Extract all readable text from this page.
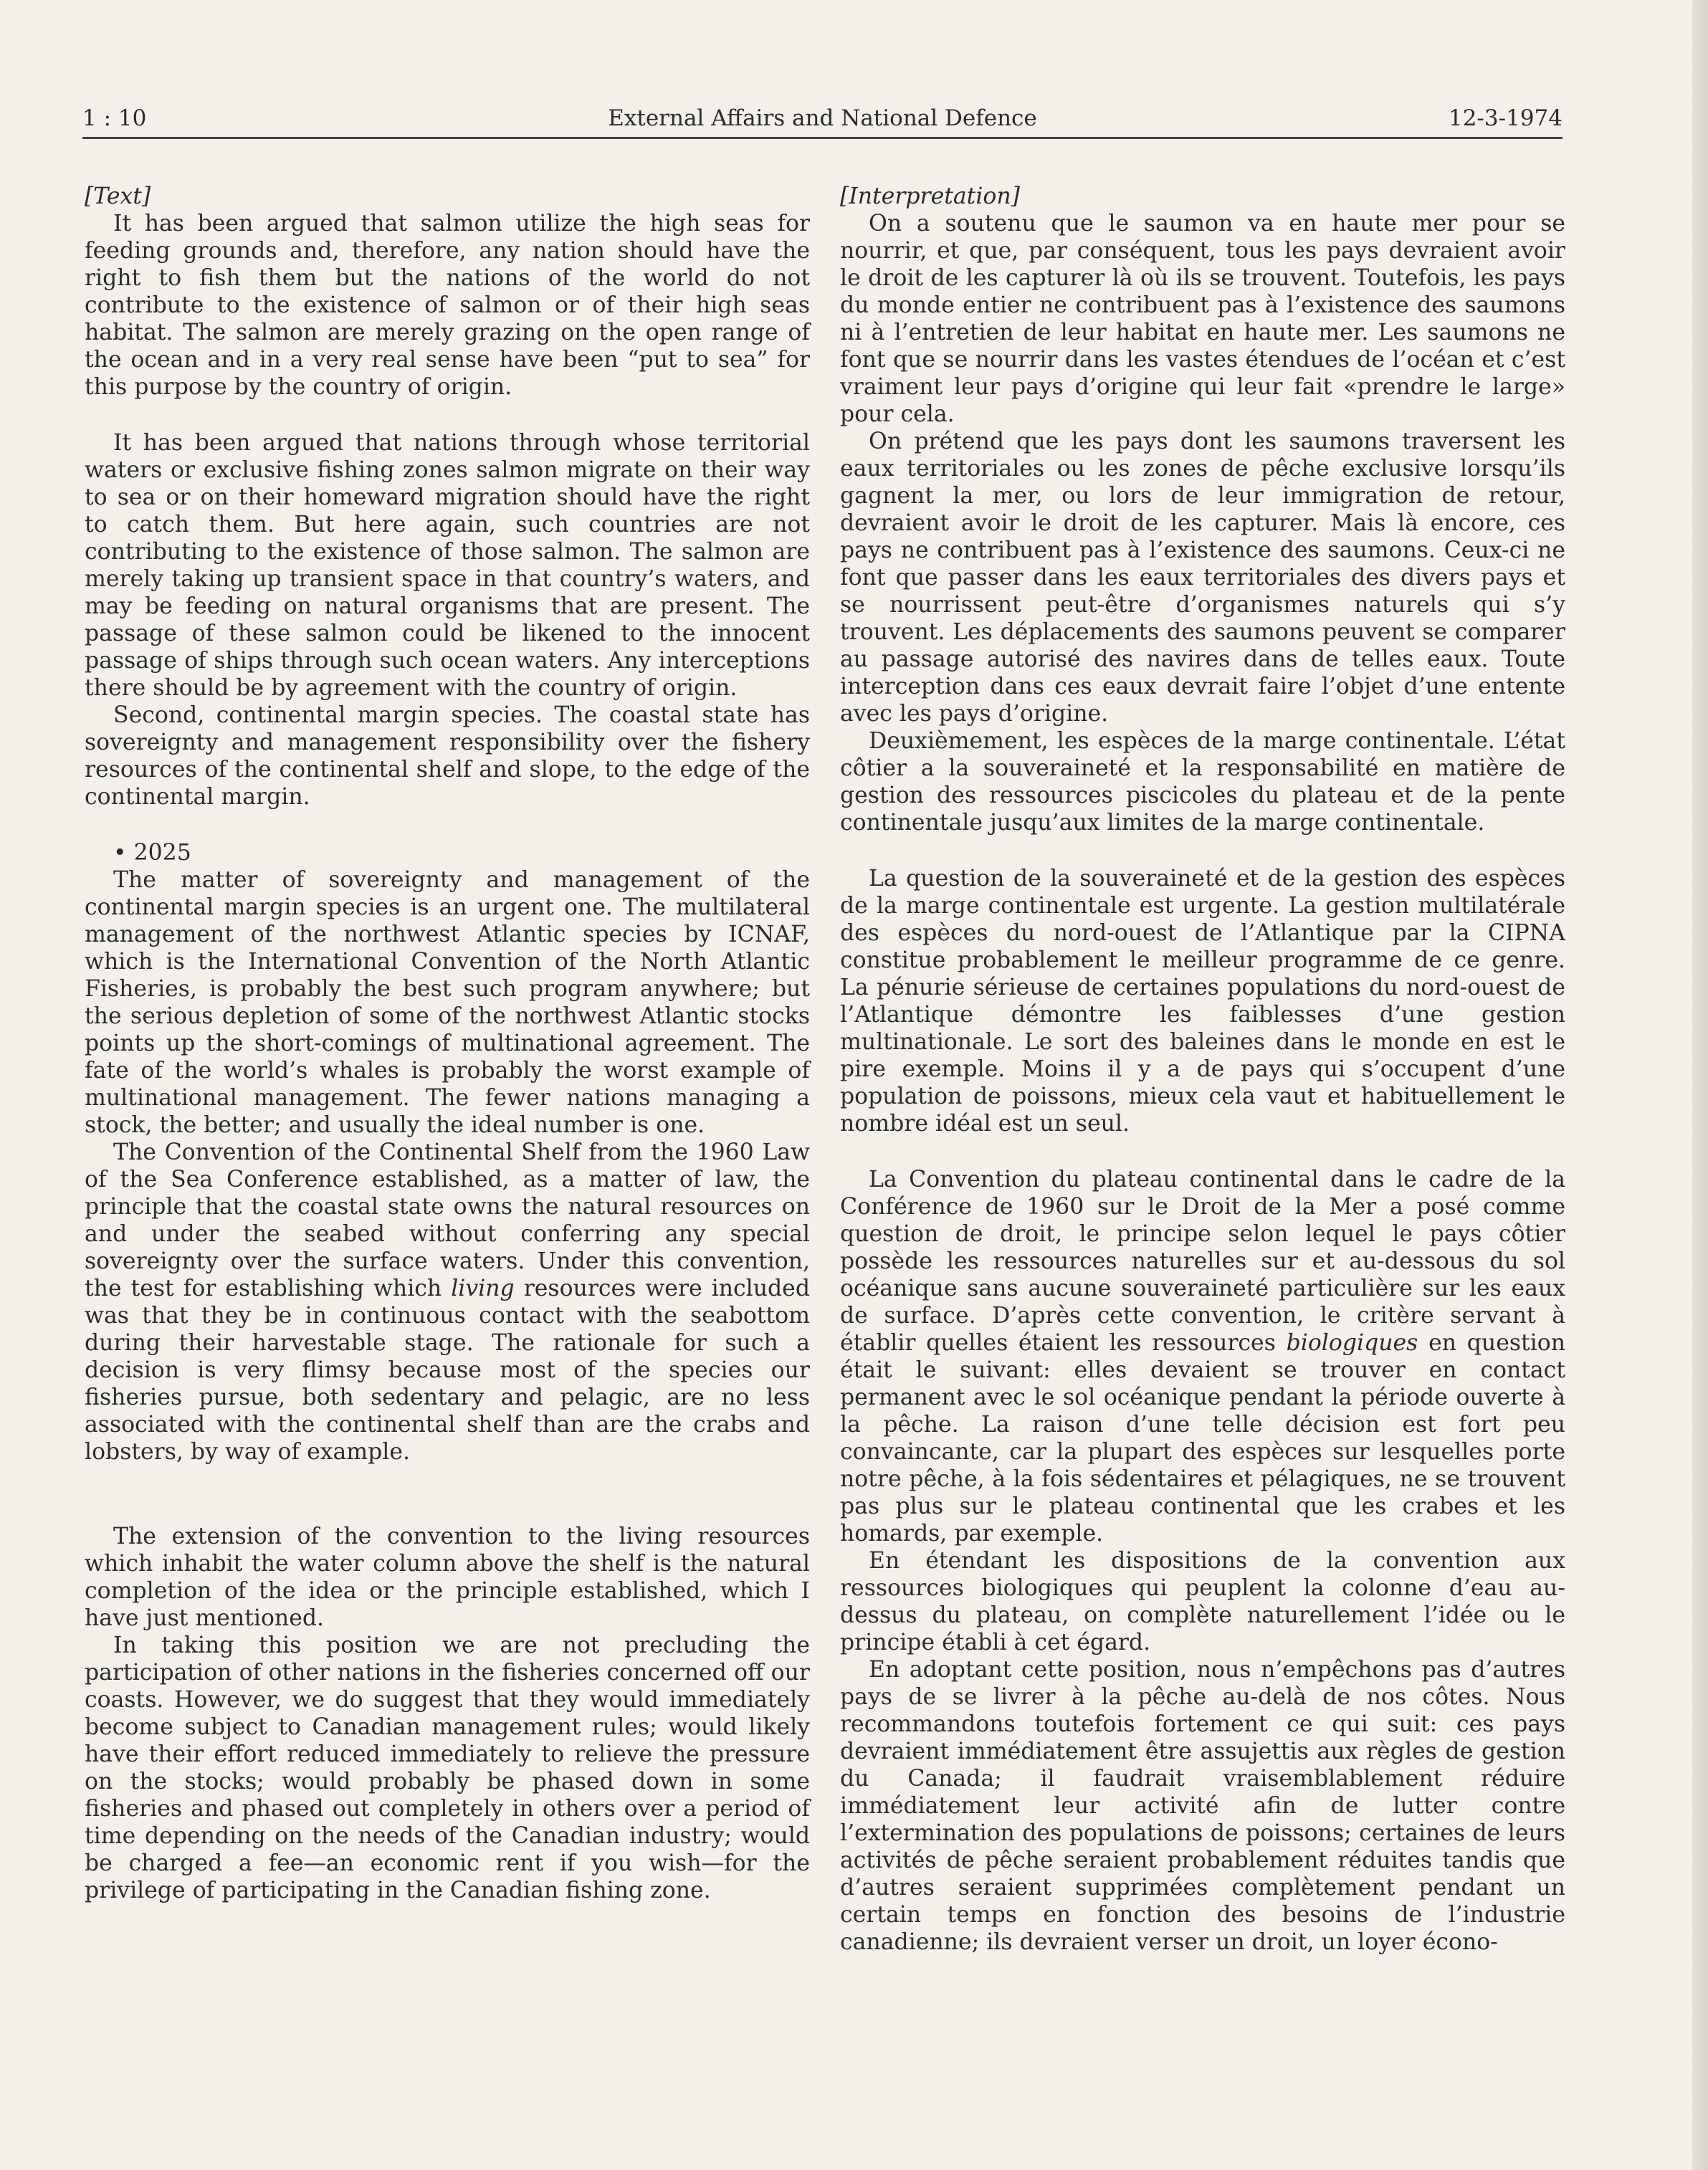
1 : 10	External Affairs and National Defence	12-3-1974

[Text]

It has been argued that salmon utilize the high seas for feeding grounds and, therefore, any nation should have the right to fish them but the nations of the world do not contribute to the existence of salmon or of their high seas habitat. The salmon are merely grazing on the open range of the ocean and in a very real sense have been “put to sea” for this purpose by the country of origin.

It has been argued that nations through whose territorial waters or exclusive fishing zones salmon migrate on their way to sea or on their homeward migration should have the right to catch them. But here again, such countries are not contributing to the existence of those salmon. The salmon are merely taking up transient space in that country’s waters, and may be feeding on natural organisms that are present. The passage of these salmon could be likened to the innocent passage of ships through such ocean waters. Any interceptions there should be by agreement with the country of origin.

Second, continental margin species. The coastal state has sovereignty and management responsibility over the fishery resources of the continental shelf and slope, to the edge of the continental margin.

• 2025

The matter of sovereignty and management of the continental margin species is an urgent one. The multilateral management of the northwest Atlantic species by ICNAF, which is the International Convention of the North Atlantic Fisheries, is probably the best such program anywhere; but the serious depletion of some of the northwest Atlantic stocks points up the short-comings of multinational agreement. The fate of the world’s whales is probably the worst example of multinational management. The fewer nations managing a stock, the better; and usually the ideal number is one.

The Convention of the Continental Shelf from the 1960 Law of the Sea Conference established, as a matter of law, the principle that the coastal state owns the natural resources on and under the seabed without conferring any special sovereignty over the surface waters. Under this convention, the test for establishing which living resources were included was that they be in continuous contact with the seabottom during their harvestable stage. The rationale for such a decision is very flimsy because most of the species our fisheries pursue, both sedentary and pelagic, are no less associated with the continental shelf than are the crabs and lobsters, by way of example.

The extension of the convention to the living resources which inhabit the water column above the shelf is the natural completion of the idea or the principle established, which I have just mentioned.

In taking this position we are not precluding the participation of other nations in the fisheries concerned off our coasts. However, we do suggest that they would immediately become subject to Canadian management rules; would likely have their effort reduced immediately to relieve the pressure on the stocks; would probably be phased down in some fisheries and phased out completely in others over a period of time depending on the needs of the Canadian industry; would be charged a fee—an economic rent if you wish—for the privilege of participating in the Canadian fishing zone.

[Interpretation]

On a soutenu que le saumon va en haute mer pour se nourrir, et que, par conséquent, tous les pays devraient avoir le droit de les capturer là où ils se trouvent. Toutefois, les pays du monde entier ne contribuent pas à l’existence des saumons ni à l’entretien de leur habitat en haute mer. Les saumons ne font que se nourrir dans les vastes étendues de l’océan et c’est vraiment leur pays d’origine qui leur fait «prendre le large» pour cela.

On prétend que les pays dont les saumons traversent les eaux territoriales ou les zones de pêche exclusive lorsqu’ils gagnent la mer, ou lors de leur immigration de retour, devraient avoir le droit de les capturer. Mais là encore, ces pays ne contribuent pas à l’existence des saumons. Ceux-ci ne font que passer dans les eaux territoriales des divers pays et se nourrissent peut-être d’organismes naturels qui s’y trouvent. Les déplacements des saumons peuvent se comparer au passage autorisé des navires dans de telles eaux. Toute interception dans ces eaux devrait faire l’objet d’une entente avec les pays d’origine.

Deuxièmement, les espèces de la marge continentale. L’état côtier a la souveraineté et la responsabilité en matière de gestion des ressources piscicoles du plateau et de la pente continentale jusqu’aux limites de la marge continentale.

La question de la souveraineté et de la gestion des espèces de la marge continentale est urgente. La gestion multilatérale des espèces du nord-ouest de l’Atlantique par la CIPNA constitue probablement le meilleur programme de ce genre. La pénurie sérieuse de certaines populations du nord-ouest de l’Atlantique démontre les faiblesses d’une gestion multinationale. Le sort des baleines dans le monde en est le pire exemple. Moins il y a de pays qui s’occupent d’une population de poissons, mieux cela vaut et habituellement le nombre idéal est un seul.

La Convention du plateau continental dans le cadre de la Conférence de 1960 sur le Droit de la Mer a posé comme question de droit, le principe selon lequel le pays côtier possède les ressources naturelles sur et au-dessous du sol océanique sans aucune souveraineté particulière sur les eaux de surface. D’après cette convention, le critère servant à établir quelles étaient les ressources biologiques en question était le suivant: elles devaient se trouver en contact permanent avec le sol océanique pendant la période ouverte à la pêche. La raison d’une telle décision est fort peu convaincante, car la plupart des espèces sur lesquelles porte notre pêche, à la fois sédentaires et pélagiques, ne se trouvent pas plus sur le plateau continental que les crabes et les homards, par exemple.

En étendant les dispositions de la convention aux ressources biologiques qui peuplent la colonne d’eau au-dessus du plateau, on complète naturellement l’idée ou le principe établi à cet égard.

En adoptant cette position, nous n’empêchons pas d’autres pays de se livrer à la pêche au-delà de nos côtes. Nous recommandons toutefois fortement ce qui suit: ces pays devraient immédiatement être assujettis aux règles de gestion du Canada; il faudrait vraisemblablement réduire immédiatement leur activité afin de lutter contre l’extermination des populations de poissons; certaines de leurs activités de pêche seraient probablement réduites tandis que d’autres seraient supprimées complètement pendant un certain temps en fonction des besoins de l’industrie canadienne; ils devraient verser un droit, un loyer écono-
